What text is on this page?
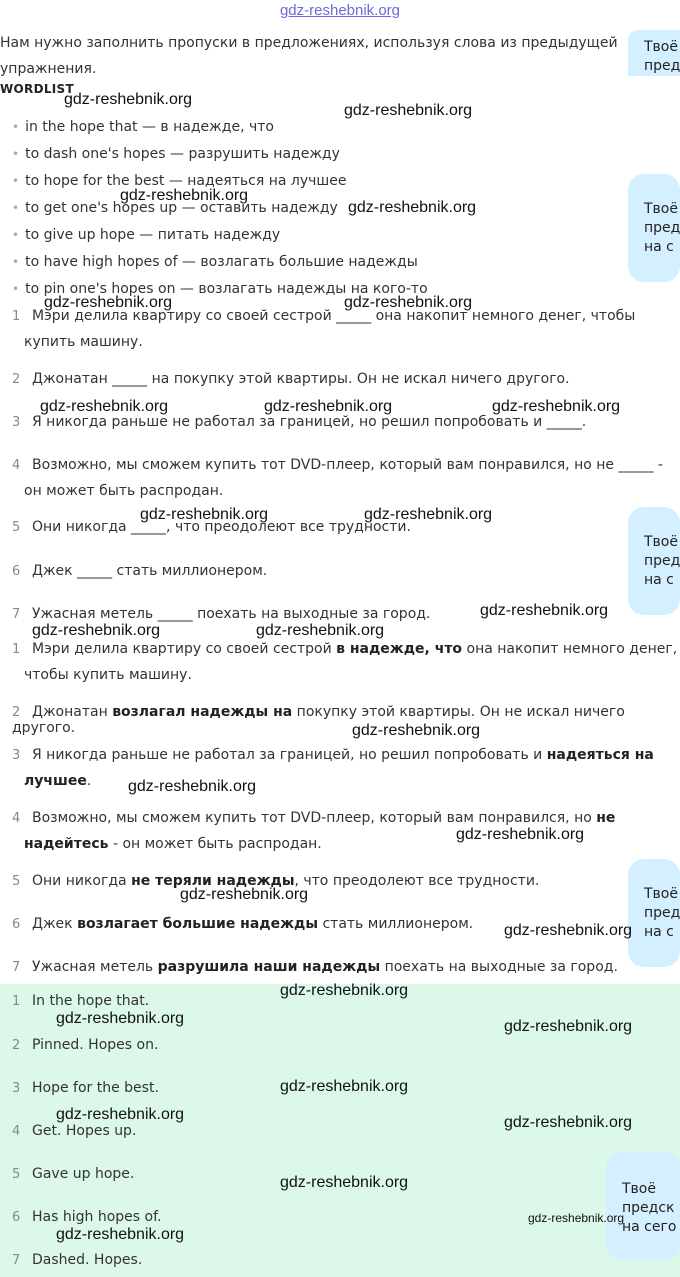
gdz-reshebnik.org
Нам нужно заполнить пропуски в предложениях, используя слова из предыдущей
упражнения.
WORDLIST
• in the hope that — в надежде, что
• to dash one's hopes — разрушить надежду
• to hope for the best — надеяться на лучшее
• to get one's hopes up — оставить надежду
• to give up hope — питать надежду
• to have high hopes of — возлагать большие надежды
• to pin one's hopes on — возлагать надежды на кого-то
1 Мэри делила квартиру со своей сестрой _____ она накопит немного денег, чтобы
купить машину.
2 Джонатан _____ на покупку этой квартиры. Он не искал ничего другого.
3 Я никогда раньше не работал за границей, но решил попробовать и _____.
4 Возможно, мы сможем купить тот DVD-плеер, который вам понравился, но не _____ -
он может быть распродан.
5 Они никогда _____, что преодолеют все трудности.
6 Джек _____ стать миллионером.
7 Ужасная метель _____ поехать на выходные за город.
1 Мэри делила квартиру со своей сестрой в надежде, что она накопит немного денег,
чтобы купить машину.
2 Джонатан возлагал надежды на покупку этой квартиры. Он не искал ничего другого.
3 Я никогда раньше не работал за границей, но решил попробовать и надеяться на
лучшее.
4 Возможно, мы сможем купить тот DVD-плеер, который вам понравился, но не
надейтесь - он может быть распродан.
5 Они никогда не теряли надежды, что преодолеют все трудности.
6 Джек возлагает большие надежды стать миллионером.
7 Ужасная метель разрушила наши надежды поехать на выходные за город.
1 In the hope that.
2 Pinned. Hopes on.
3 Hope for the best.
4 Get. Hopes up.
5 Gave up hope.
6 Has high hopes of.
7 Dashed. Hopes.
Твоё
пред
Твоё
пред
на с
Твоё
пред
на с
Твоё
пред
на с
Твоё
предск
на сего
gdz-reshebnik.org
gdz-reshebnik.org
gdz-reshebnik.org
gdz-reshebnik.org
gdz-reshebnik.org	gdz-reshebnik.org
gdz-reshebnik.org	gdz-reshebnik.org	gdz-reshebnik.org
gdz-reshebnik.org	gdz-reshebnik.org
gdz-reshebnik.org
gdz-reshebnik.org	gdz-reshebnik.org
gdz-reshebnik.org
gdz-reshebnik.org
gdz-reshebnik.org
gdz-reshebnik.org
gdz-reshebnik.org
gdz-reshebnik.org
gdz-reshebnik.org	gdz-reshebnik.org
gdz-reshebnik.org
gdz-reshebnik.org	gdz-reshebnik.org
gdz-reshebnik.org
gdz-reshebnik.org
gdz-reshebnik.org
